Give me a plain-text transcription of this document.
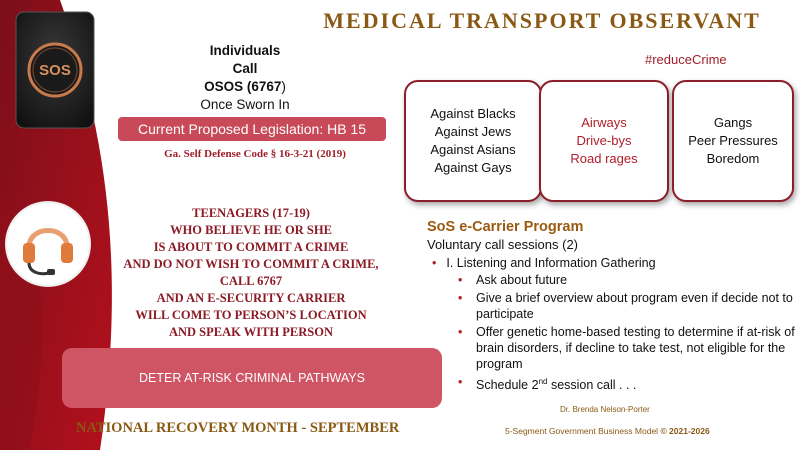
SOS
MEDICAL TRANSPORT OBSERVANT
#reduceCrime
Individuals
Call
OSOS (6767)
Once Sworn In
Current Proposed Legislation: HB 15
Ga. Self Defense Code § 16-3-21 (2019)
Against Blacks
Against Jews
Against Asians
Against Gays
Airways
Drive-bys
Road rages
Gangs
Peer Pressures
Boredom
TEENAGERS (17-19)
WHO BELIEVE HE OR SHE
IS ABOUT TO COMMIT A CRIME
AND DO NOT WISH TO COMMIT A CRIME,
CALL 6767
AND AN E-SECURITY CARRIER
WILL COME TO PERSON’S LOCATION
AND SPEAK WITH PERSON
DETER AT-RISK CRIMINAL PATHWAYS
NATIONAL RECOVERY MONTH - SEPTEMBER
SoS e-Carrier Program
Voluntary call sessions (2)
• I. Listening and Information Gathering
• Ask about future
• Give a brief overview about program even if decide not to participate
• Offer genetic home-based testing to determine if at-risk of brain disorders, if decline to take test, not eligible for the program
• Schedule 2nd session call . . .
Dr. Brenda Nelson-Porter
5-Segment Government Business Model © 2021-2026
